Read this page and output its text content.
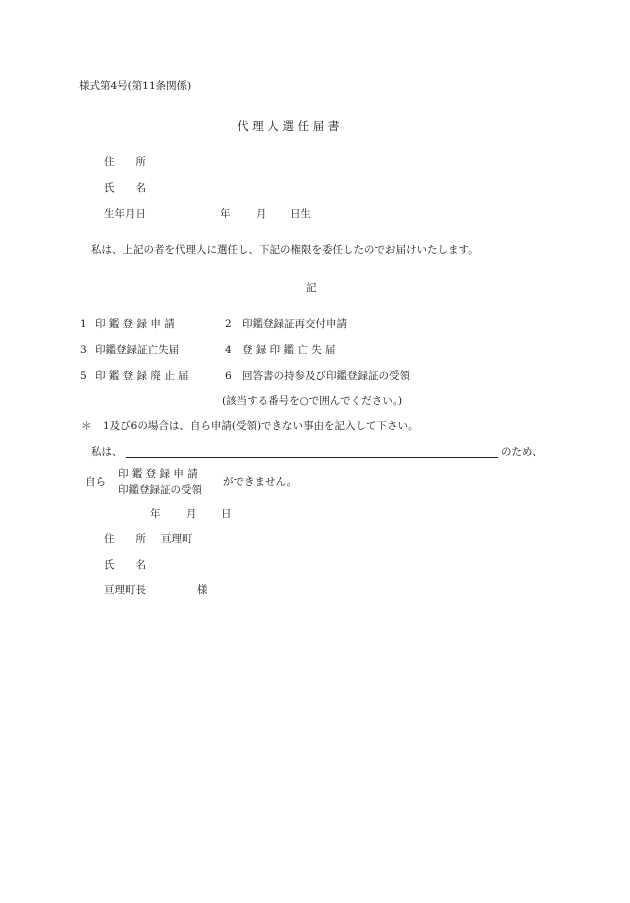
様式第4号(第11条関係)
代 理 人 選 任 届 書
住　　所
氏　　名
生年月日	年 月 日生
私は、上記の者を代理人に選任し、下記の権限を委任したのでお届けいたします。
記
1 印 鑑 登 録 申 請	2 印鑑登録証再交付申請
3 印鑑登録証亡失届	4 登 録 印 鑑 亡 失 届
5 印 鑑 登 録 廃 止 届	6 回答書の持参及び印鑑登録証の受領
(該当する番号を○で囲んでください。)
＊ 1及び6の場合は、自ら申請(受領)できない事由を記入して下さい。
私は、	のため、
自ら
印 鑑 登 録 申 請
印鑑登録証の受領
ができません。
年 月 日
住　　所 亘理町
氏　　名
亘理町長	様
